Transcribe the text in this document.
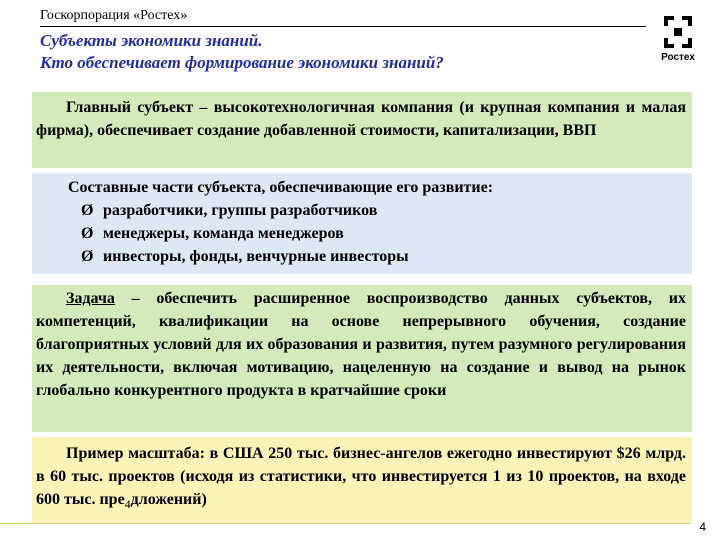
Госкорпорация «Ростех»
Субъекты экономики знаний.
Кто обеспечивает формирование экономики знаний?	Ростех

Главный субъект – высокотехнологичная компания (и крупная компания и малая фирма), обеспечивает создание добавленной стоимости, капитализации, ВВП

Составные части субъекта, обеспечивающие его развитие:
Ø разработчики, группы разработчиков
Ø менеджеры, команда менеджеров
Ø инвесторы, фонды, венчурные инвесторы

Задача – обеспечить расширенное воспроизводство данных субъектов, их компетенций, квалификации на основе непрерывного обучения, создание благоприятных условий для их образования и развития, путем разумного регулирования их деятельности, включая мотивацию, нацеленную на создание и вывод на рынок глобально конкурентного продукта в кратчайшие сроки

Пример масштаба: в США 250 тыс. бизнес-ангелов ежегодно инвестируют $26 млрд. в 60 тыс. проектов (исходя из статистики, что инвестируется 1 из 10 проектов, на входе 600 тыс. пре$_4$дложений)

4
